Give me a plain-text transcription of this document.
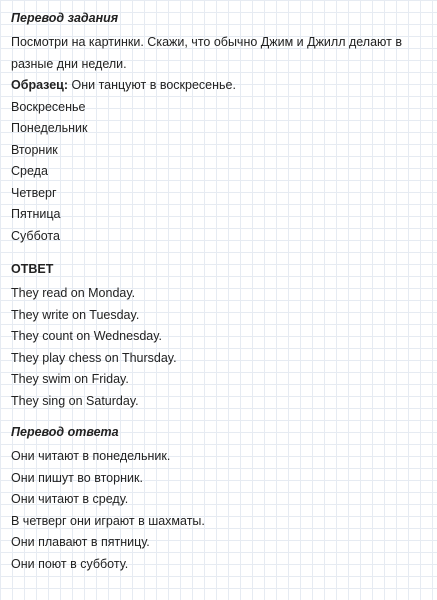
Перевод задания

Посмотри на картинки. Скажи, что обычно Джим и Джилл делают в

разные дни недели.

Образец: Они танцуют в воскресенье.

Воскресенье

Понедельник

Вторник

Среда

Четверг

Пятница

Суббота

ОТВЕТ

They read on Monday.

They write on Tuesday.

They count on Wednesday.

They play chess on Thursday.

They swim on Friday.

They sing on Saturday.

Перевод ответа

Они читают в понедельник.

Они пишут во вторник.

Они читают в среду.

В четверг они играют в шахматы.

Они плавают в пятницу.

Они поют в субботу.
